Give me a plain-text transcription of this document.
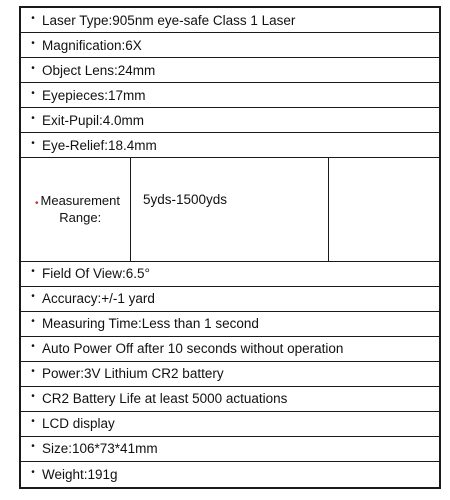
• Laser Type:905nm eye-safe Class 1 Laser
• Magnification:6X
• Object Lens:24mm
• Eyepieces:17mm
• Exit-Pupil:4.0mm
• Eye-Relief:18.4mm
• Measurement
Range:
5yds-1500yds
• Field Of View:6.5°
• Accuracy:+/-1 yard
• Measuring Time:Less than 1 second
• Auto Power Off after 10 seconds without operation
• Power:3V Lithium CR2 battery
• CR2 Battery Life at least 5000 actuations
• LCD display
• Size:106*73*41mm
• Weight:191g
